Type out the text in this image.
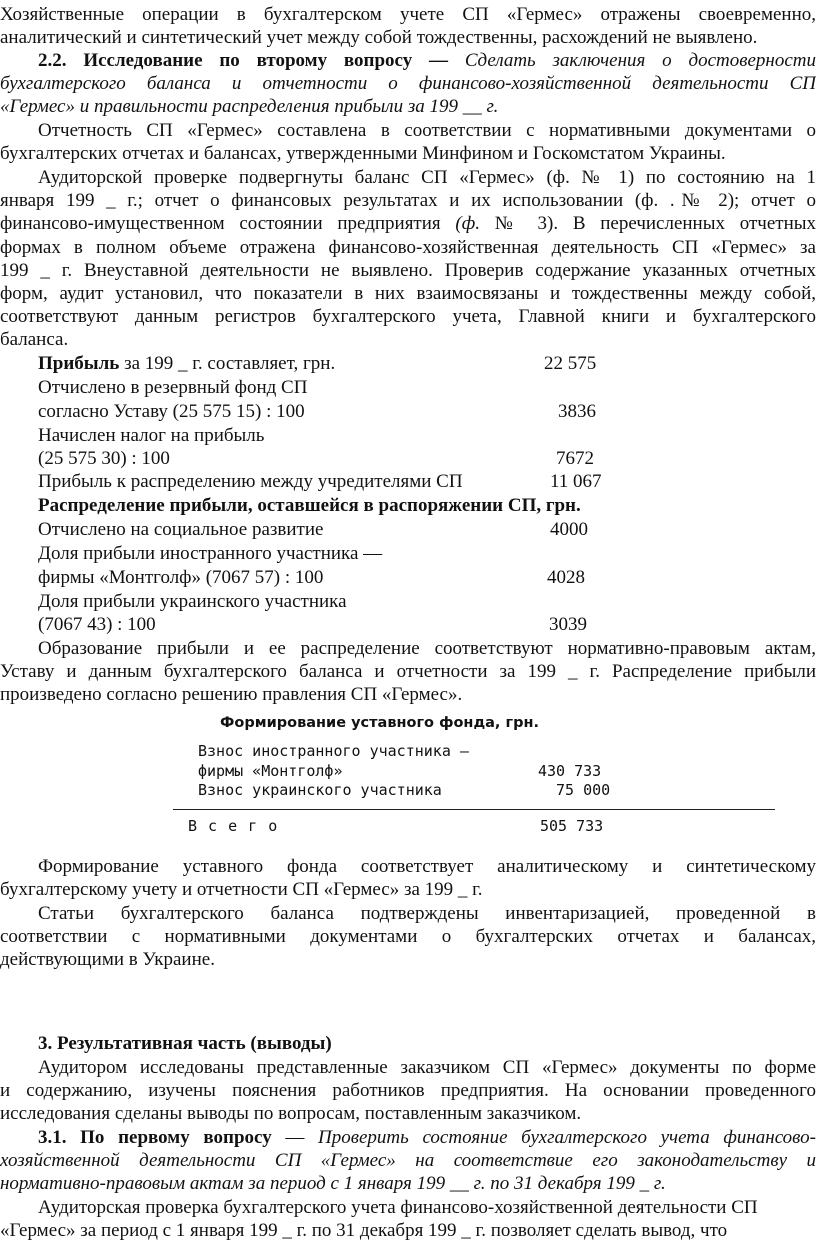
Хозяйственные операции в бухгалтерском учете СП «Гермес» отражены своевременно,
аналитический и синтетический учет между собой тождественны, расхождений не выявлено.
2.2. Исследование по второму вопросу — Сделать заключения о достоверности
бухгалтерского баланса и отчетности о финансово-хозяйственной деятельности СП
«Гермес» и правильности распределения прибыли за 199 __ г.
Отчетность СП «Гермес» составлена в соответствии с нормативными документами о
бухгалтерских отчетах и балансах, утвержденными Минфином и Госкомстатом Украины.
Аудиторской проверке подвергнуты баланс СП «Гермес» (ф. № 1) по состоянию на 1
января 199 _ г.; отчет о финансовых результатах и их использовании (ф. .№ 2); отчет о
финансово-имущественном состоянии предприятия (ф. № 3). В перечисленных отчетных
формах в полном объеме отражена финансово-хозяйственная деятельность СП «Гермес» за
199 _ г. Внеуставной деятельности не выявлено. Проверив содержание указанных отчетных
форм, аудит установил, что показатели в них взаимосвязаны и тождественны между собой,
соответствуют данным регистров бухгалтерского учета, Главной книги и бухгалтерского
баланса.
Прибыль за 199 _ г. составляет, грн.	22 575
Отчислено в резервный фонд СП
согласно Уставу (25 575 15) : 100	3836
Начислен налог на прибыль
(25 575 30) : 100	7672
Прибыль к распределению между учредителями СП	11 067
Распределение прибыли, оставшейся в распоряжении СП, грн.
Отчислено на социальное развитие	4000
Доля прибыли иностранного участника —
фирмы «Монтголф» (7067 57) : 100	4028
Доля прибыли украинского участника
(7067 43) : 100	3039
Образование прибыли и ее распределение соответствуют нормативно-правовым актам,
Уставу и данным бухгалтерского баланса и отчетности за 199 _ г. Распределение прибыли
произведено согласно решению правления СП «Гермес».
Формирование уставного фонда, грн.
Взнос иностранного участника —
фирмы «Монтголф»	430 733
Взнос украинского участника	75 000
В с е г о	505 733
Формирование уставного фонда соответствует аналитическому и синтетическому
бухгалтерскому учету и отчетности СП «Гермес» за 199 _ г.
Статьи бухгалтерского баланса подтверждены инвентаризацией, проведенной в
соответствии с нормативными документами о бухгалтерских отчетах и балансах,
действующими в Украине.
3. Результативная часть (выводы)
Аудитором исследованы представленные заказчиком СП «Гермес» документы по форме
и содержанию, изучены пояснения работников предприятия. На основании проведенного
исследования сделаны выводы по вопросам, поставленным заказчиком.
3.1. По первому вопросу — Проверить состояние бухгалтерского учета финансово-
хозяйственной деятельности СП «Гермес» на соответствие его законодательству и
нормативно-правовым актам за период с 1 января 199 __ г. по 31 декабря 199 _ г.
Аудиторская проверка бухгалтерского учета финансово-хозяйственной деятельности СП
«Гермес» за период с 1 января 199 _ г. по 31 декабря 199 _ г. позволяет сделать вывод, что
